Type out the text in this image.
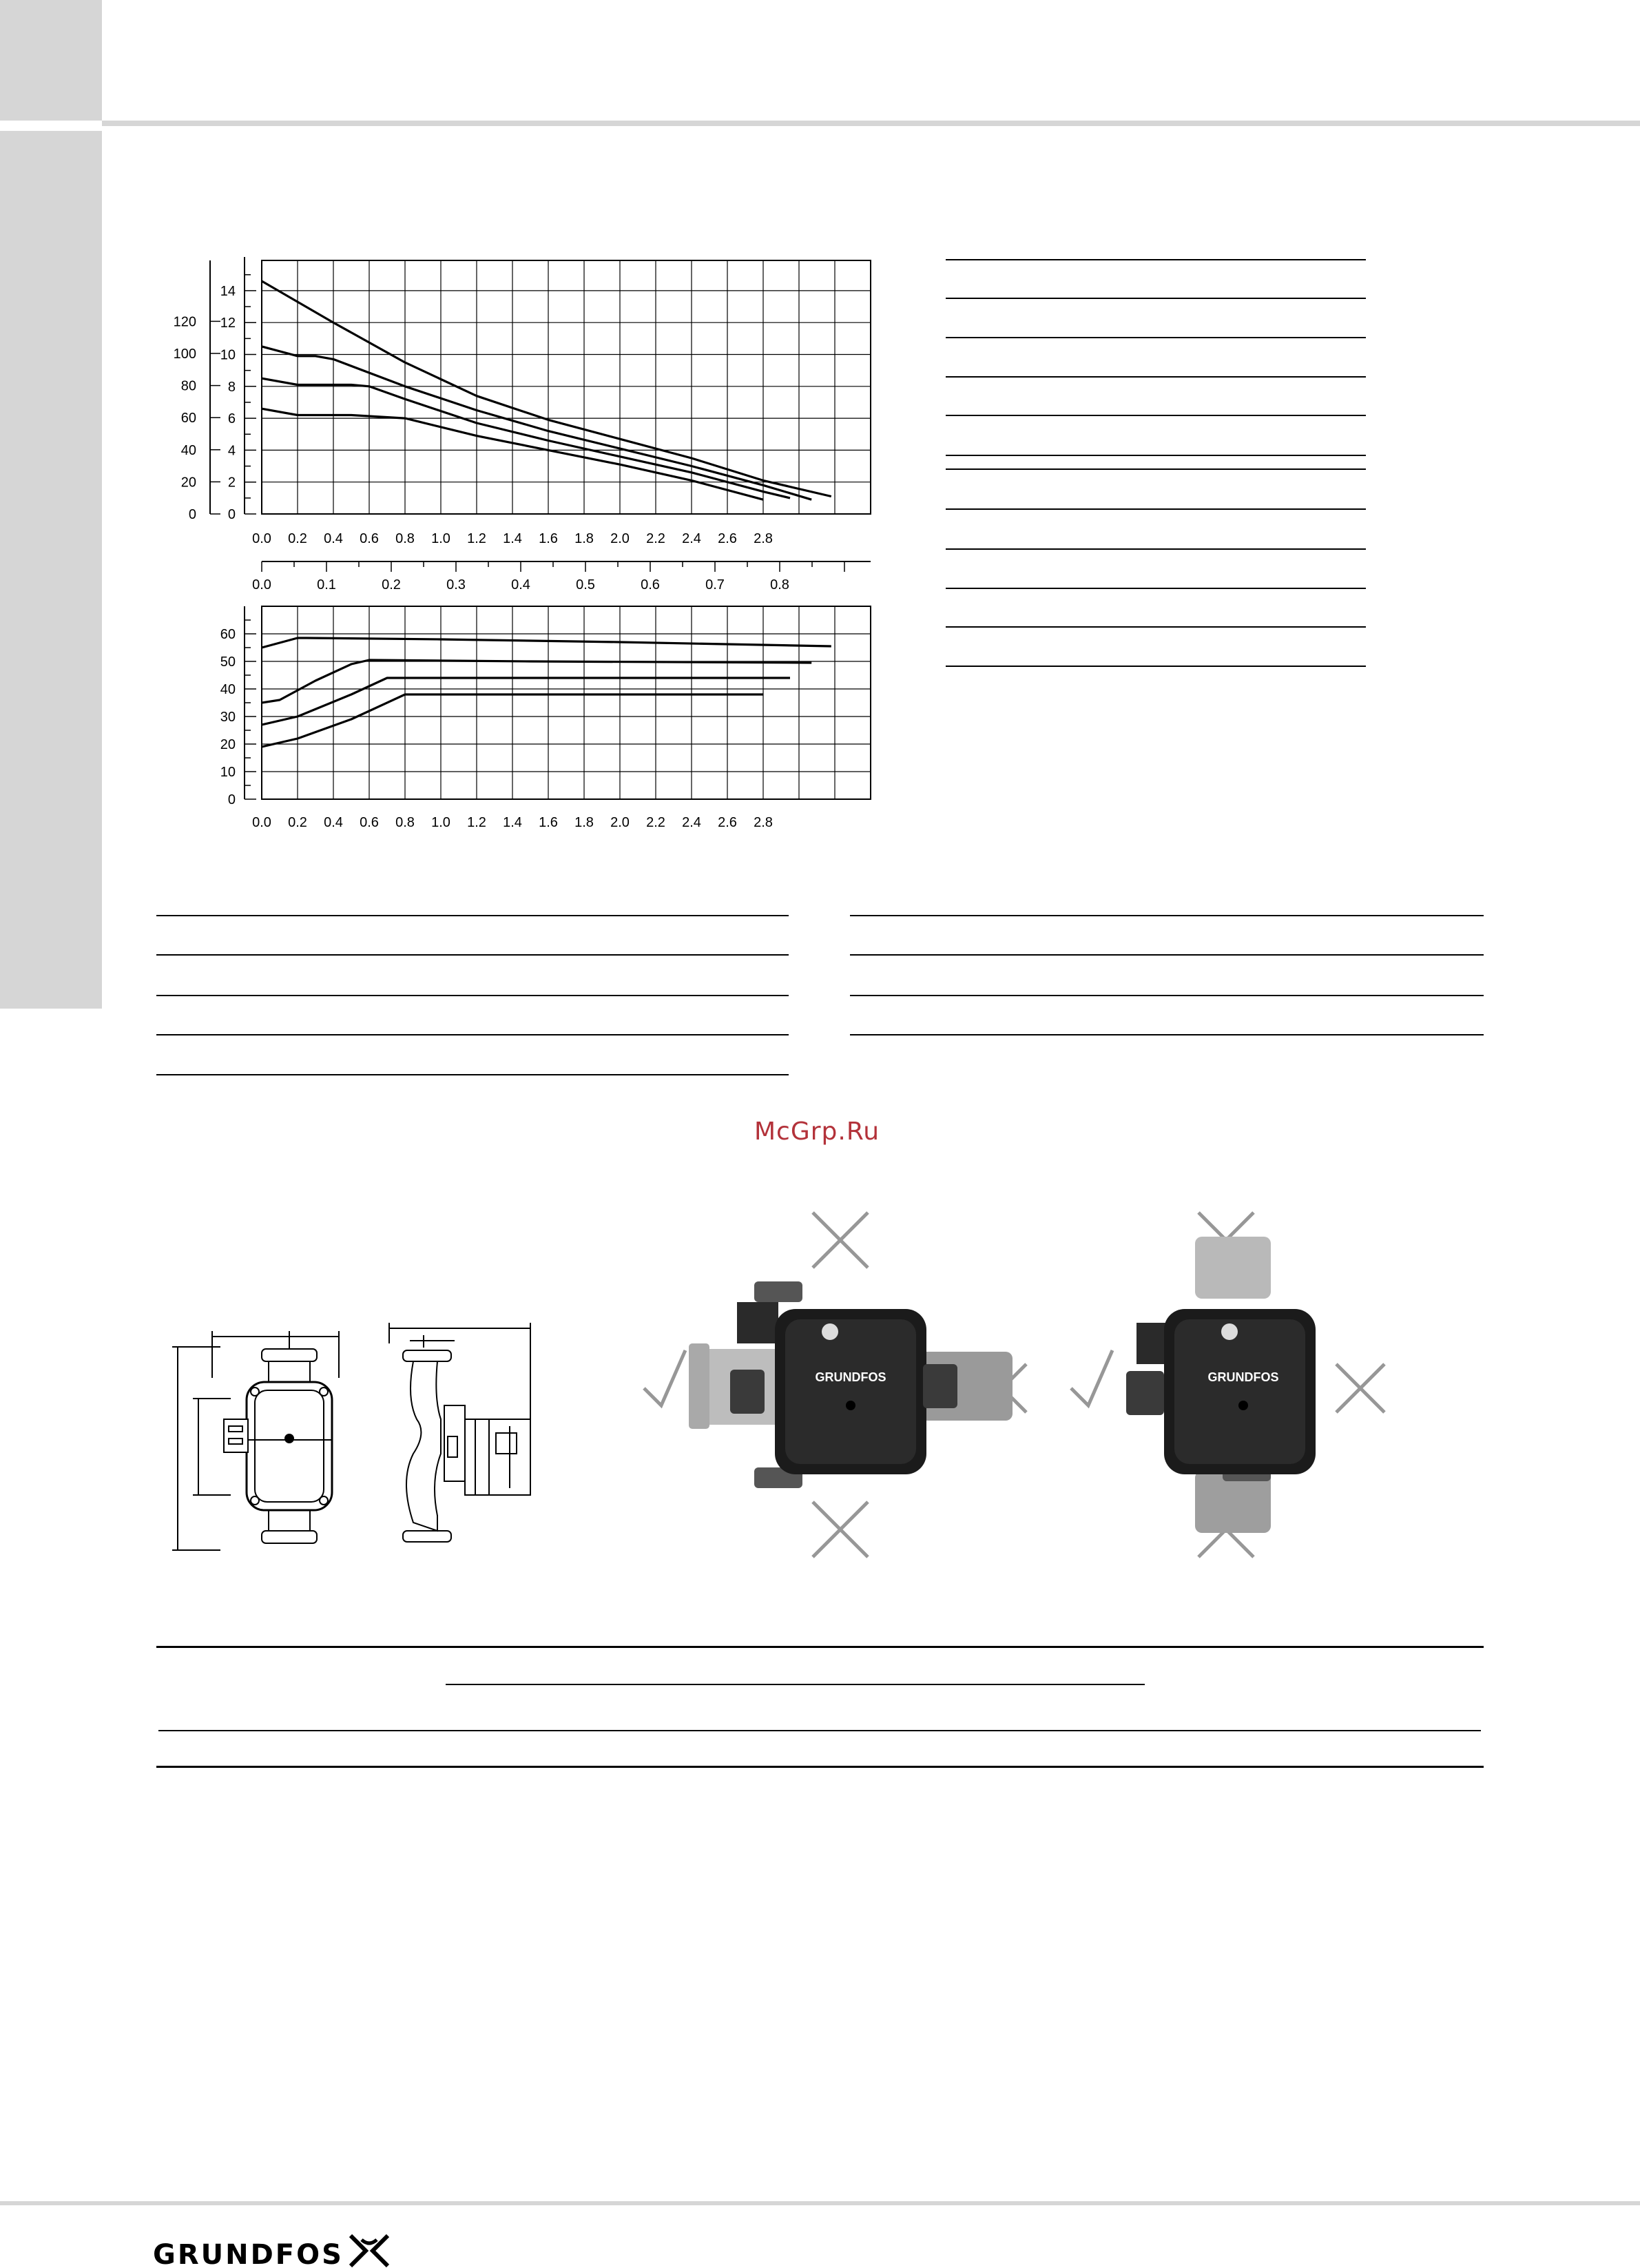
0
2
4
6
8
10
12
14
0
20
40
60
80
100
120
0.0 0.2 0.4 0.6 0.8 1.0 1.2 1.4 1.6 1.8 2.0 2.2 2.4 2.6 2.8
0.0	0.1	0.2	0.3	0.4	0.5	0.6	0.7	0.8
0
10
20
30
40
50
60
0.0 0.2 0.4 0.6 0.8 1.0 1.2 1.4 1.6 1.8 2.0 2.2 2.4 2.6 2.8
McGrp.Ru
GRUNDFOS	GRUNDFOS
GRUNDFOS
